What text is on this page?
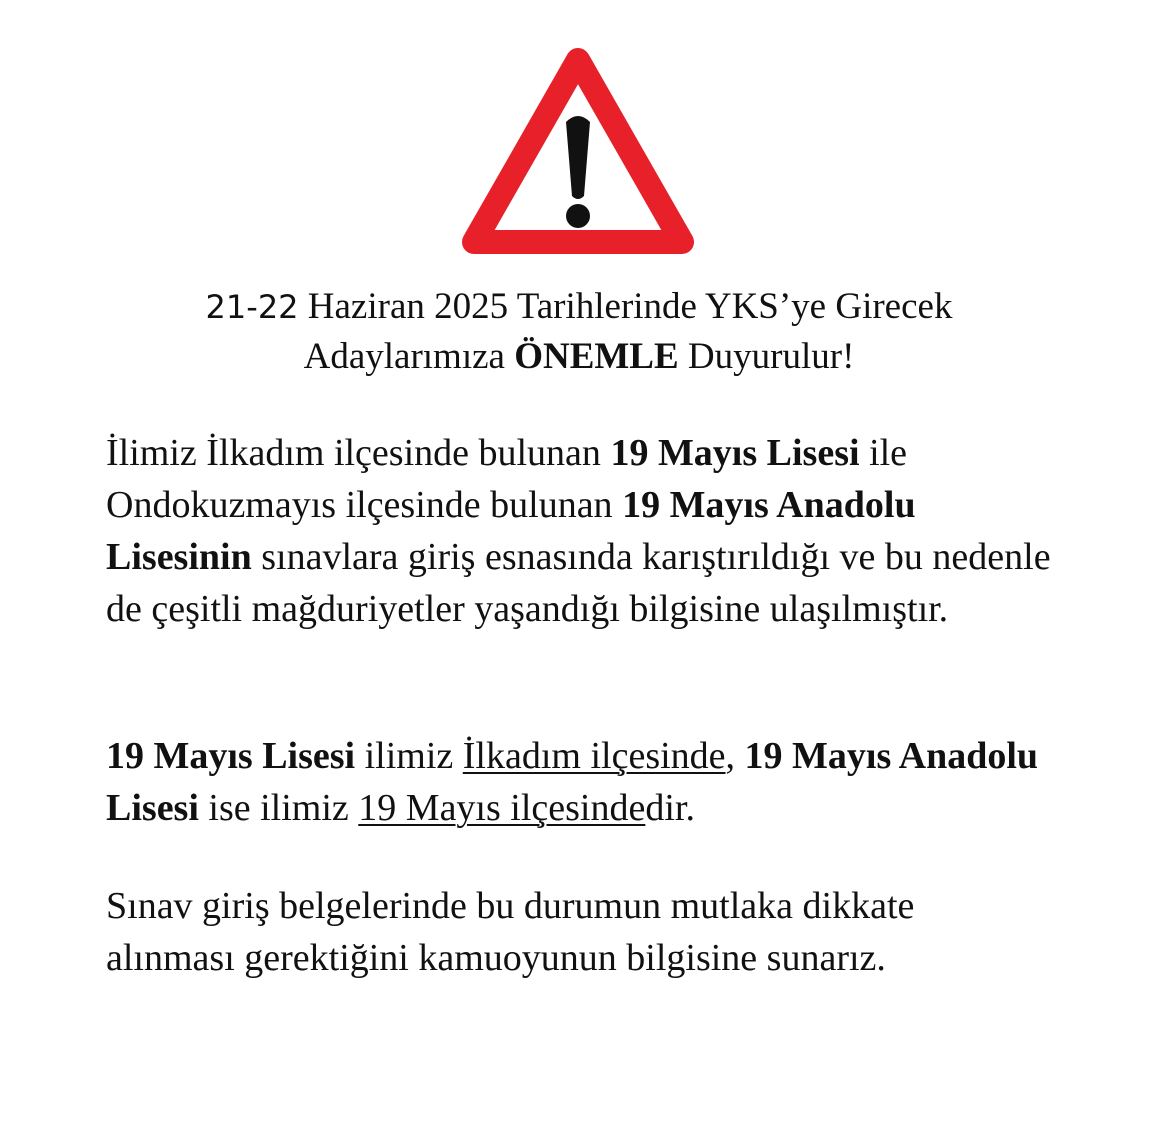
21-22 Haziran 2025 Tarihlerinde YKS’ye Girecek
Adaylarımıza ÖNEMLE Duyurulur!

İlimiz İlkadım ilçesinde bulunan 19 Mayıs Lisesi ile Ondokuzmayıs ilçesinde bulunan 19 Mayıs Anadolu Lisesinin sınavlara giriş esnasında karıştırıldığı ve bu nedenle de çeşitli mağduriyetler yaşandığı bilgisine ulaşılmıştır.

19 Mayıs Lisesi ilimiz İlkadım ilçesinde, 19 Mayıs Anadolu Lisesi ise ilimiz 19 Mayıs ilçesindedir.

Sınav giriş belgelerinde bu durumun mutlaka dikkate alınması gerektiğini kamuoyunun bilgisine sunarız.
